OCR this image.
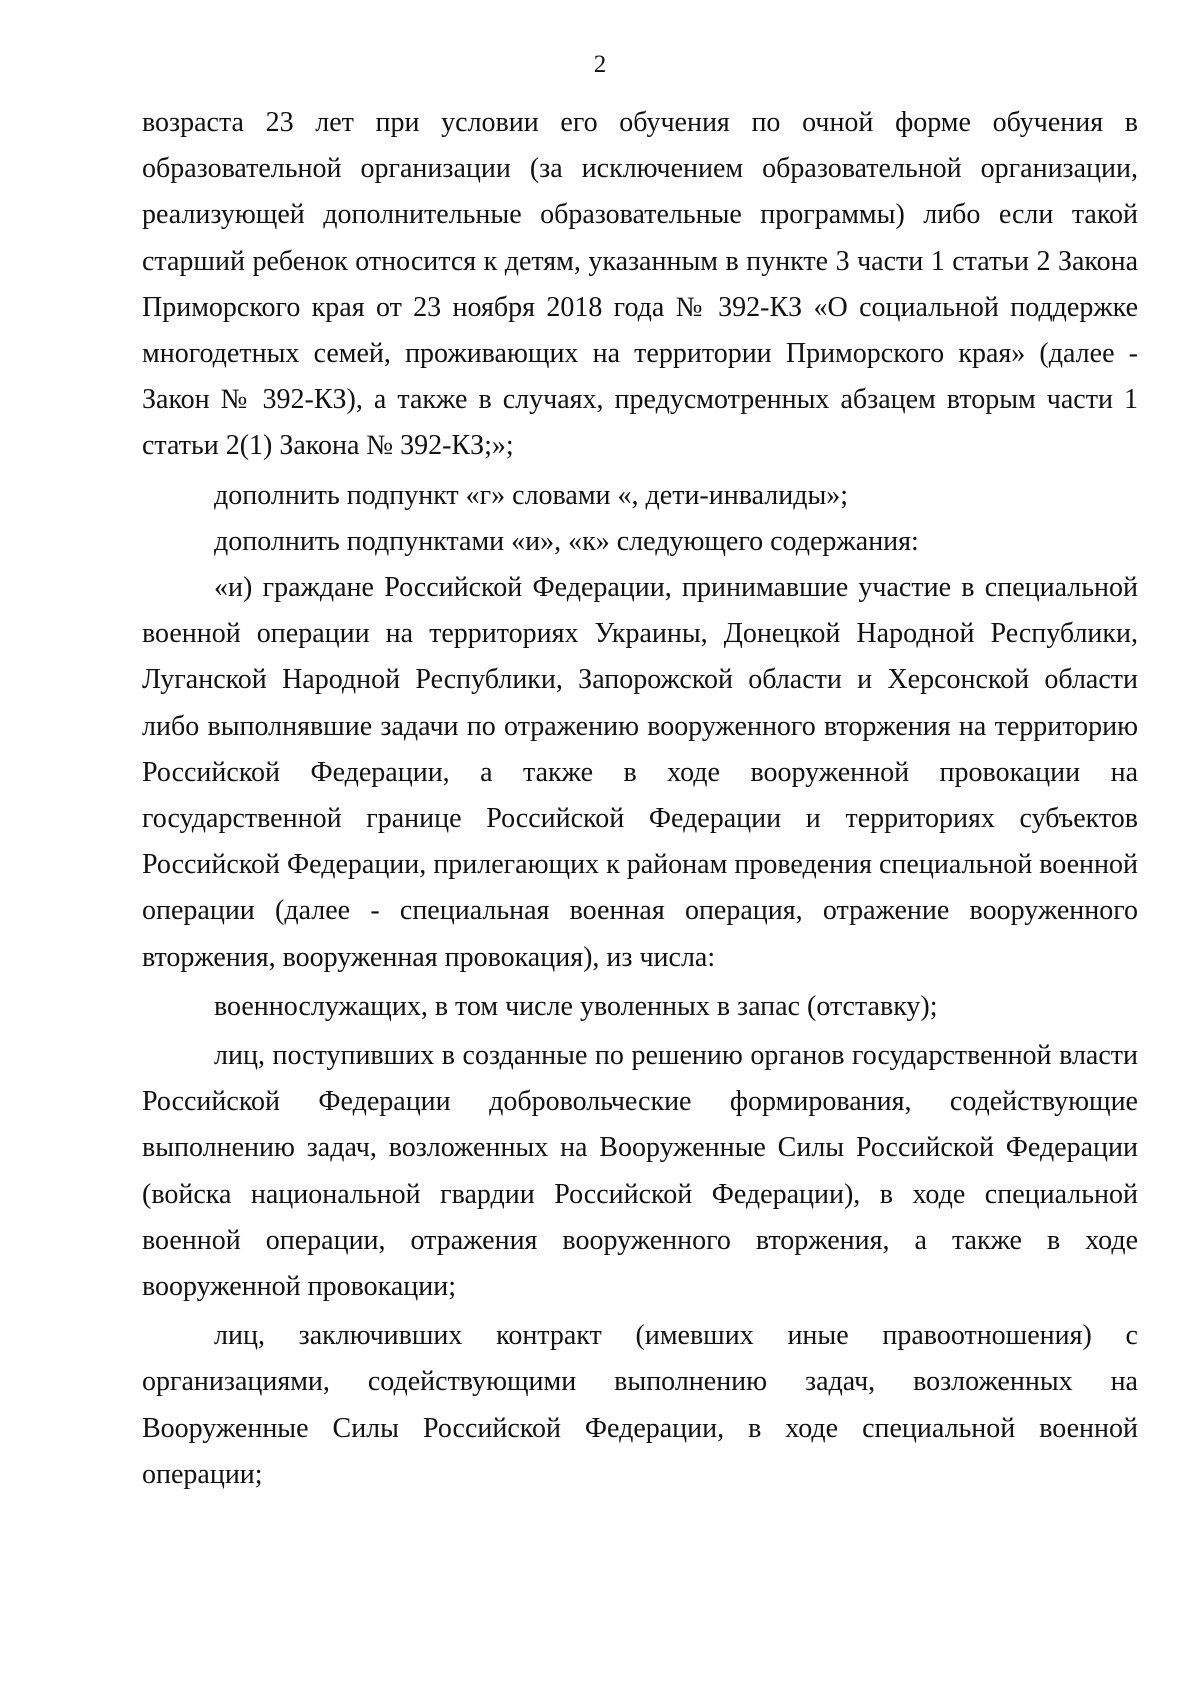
2

возраста 23 лет при условии его обучения по очной форме обучения в образовательной организации (за исключением образовательной организации, реализующей дополнительные образовательные программы) либо если такой старший ребенок относится к детям, указанным в пункте 3 части 1 статьи 2 Закона Приморского края от 23 ноября 2018 года № 392-КЗ «О социальной поддержке многодетных семей, проживающих на территории Приморского края» (далее - Закон № 392-КЗ), а также в случаях, предусмотренных абзацем вторым части 1 статьи 2(1) Закона № 392-КЗ;»;

дополнить подпункт «г» словами «, дети-инвалиды»;

дополнить подпунктами «и», «к» следующего содержания:

«и) граждане Российской Федерации, принимавшие участие в специальной военной операции на территориях Украины, Донецкой Народной Республики, Луганской Народной Республики, Запорожской области и Херсонской области либо выполнявшие задачи по отражению вооруженного вторжения на территорию Российской Федерации, а также в ходе вооруженной провокации на государственной границе Российской Федерации и территориях субъектов Российской Федерации, прилегающих к районам проведения специальной военной операции (далее - специальная военная операция, отражение вооруженного вторжения, вооруженная провокация), из числа:

военнослужащих, в том числе уволенных в запас (отставку);

лиц, поступивших в созданные по решению органов государственной власти Российской Федерации добровольческие формирования, содействующие выполнению задач, возложенных на Вооруженные Силы Российской Федерации (войска национальной гвардии Российской Федерации), в ходе специальной военной операции, отражения вооруженного вторжения, а также в ходе вооруженной провокации;

лиц, заключивших контракт (имевших иные правоотношения) с организациями, содействующими выполнению задач, возложенных на Вооруженные Силы Российской Федерации, в ходе специальной военной операции;
